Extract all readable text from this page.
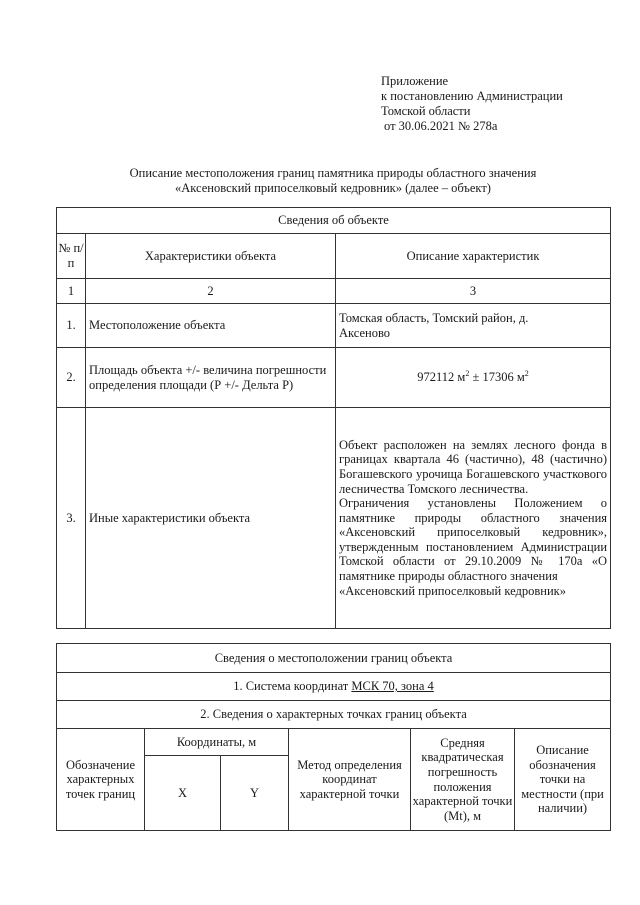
Приложение
к постановлению Администрации
Томской области
от 30.06.2021 № 278а
Описание местоположения границ памятника природы областного значения
«Аксеновский припоселковый кедровник» (далее – объект)
Сведения об объекте		
№ п/п	Характеристики объекта	Описание характеристик
1	2	3
1.	Местоположение объекта	Томская область, Томский район, д. Аксеново
2.	Площадь объекта +/- величина погрешности определения площади (Р +/- Дельта Р)	972112 $м^2 \pm 17306$ $м^2$
3.	Иные характеристики объекта	Объект расположен на землях лесного фонда в границах квартала 46 (частично), 48 (частично) Богашевского урочища Богашевского участкового лесничества Томского лесничества.
Ограничения установлены Положением о памятнике природы областного значения «Аксеновский припоселковый кедровник», утвержденным постановлением Администрации Томской области от 29.10.2009 № 170а «О памятнике природы областного значения
«Аксеновский припоселковый кедровник»
Сведения о местоположении границ объекта					
1. Система координат МСК 70, зона 4					
2. Сведения о характерных точках границ объекта					
Обозначение характерных точек границ	Координаты, м		Метод определения координат характерной точки	Средняя квадратическая погрешность положения характерной точки (Mt), м	Описание обозначения точки на местности (при наличии)
	X	Y			
